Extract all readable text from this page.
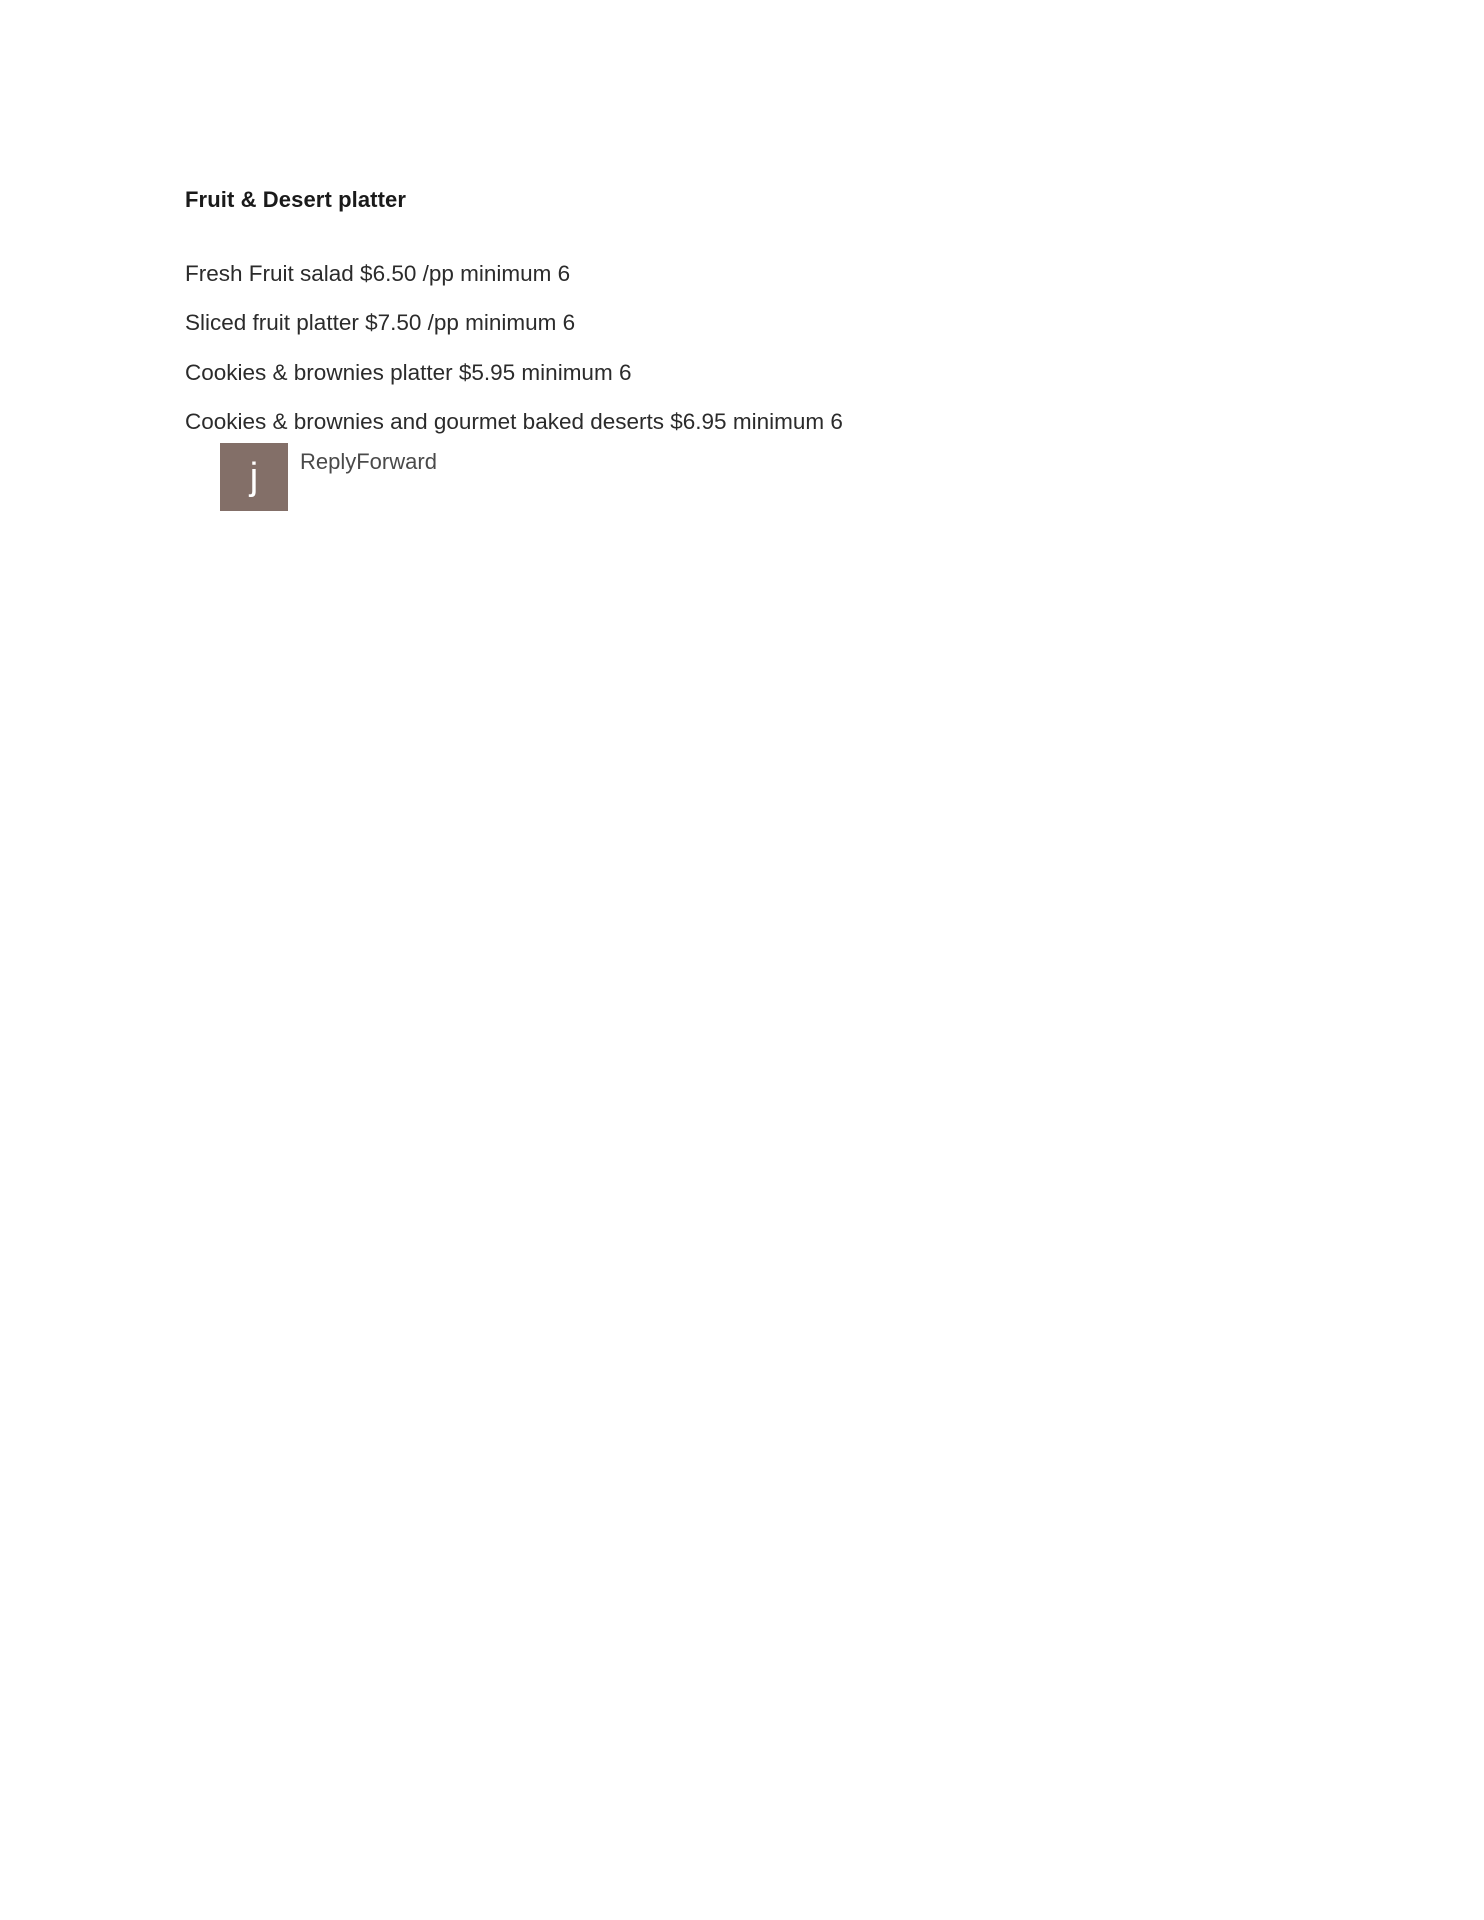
Fruit & Desert platter

Fresh Fruit salad $6.50 /pp minimum 6

Sliced fruit platter $7.50 /pp minimum 6

Cookies & brownies platter $5.95 minimum 6

Cookies & brownies and gourmet baked deserts $6.95 minimum 6

j	ReplyForward
